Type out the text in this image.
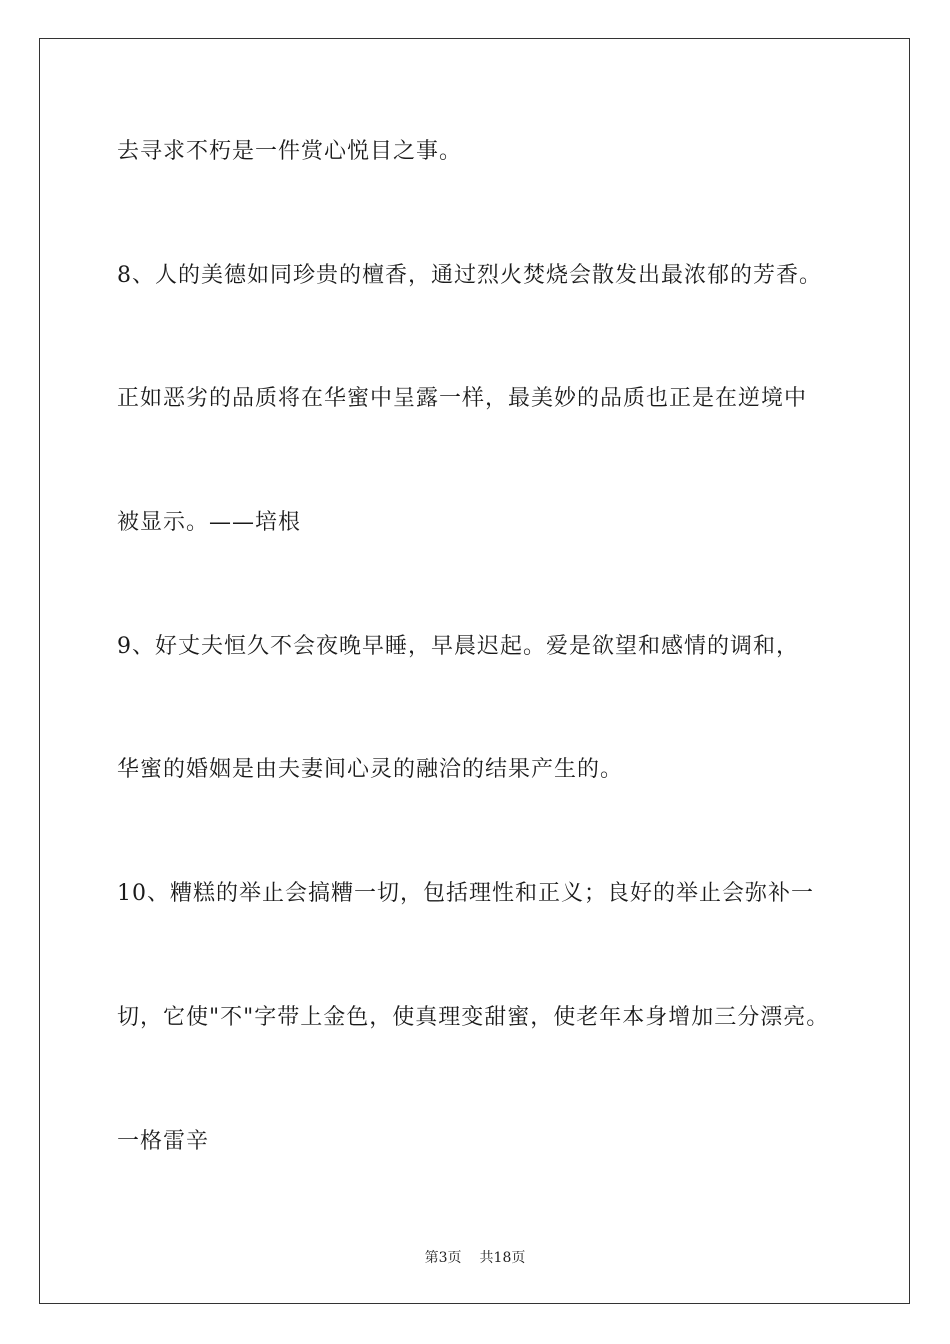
去寻求不朽是一件赏心悦目之事。
8、人的美德如同珍贵的檀香，通过烈火焚烧会散发出最浓郁的芳香。
正如恶劣的品质将在华蜜中呈露一样，最美妙的品质也正是在逆境中
被显示。——培根
9、好丈夫恒久不会夜晚早睡，早晨迟起。爱是欲望和感情的调和，
华蜜的婚姻是由夫妻间心灵的融洽的结果产生的。
10、糟糕的举止会搞糟一切，包括理性和正义；良好的举止会弥补一
切，它使"不"字带上金色，使真理变甜蜜，使老年本身增加三分漂亮。
一格雷辛
第3页 共18页
